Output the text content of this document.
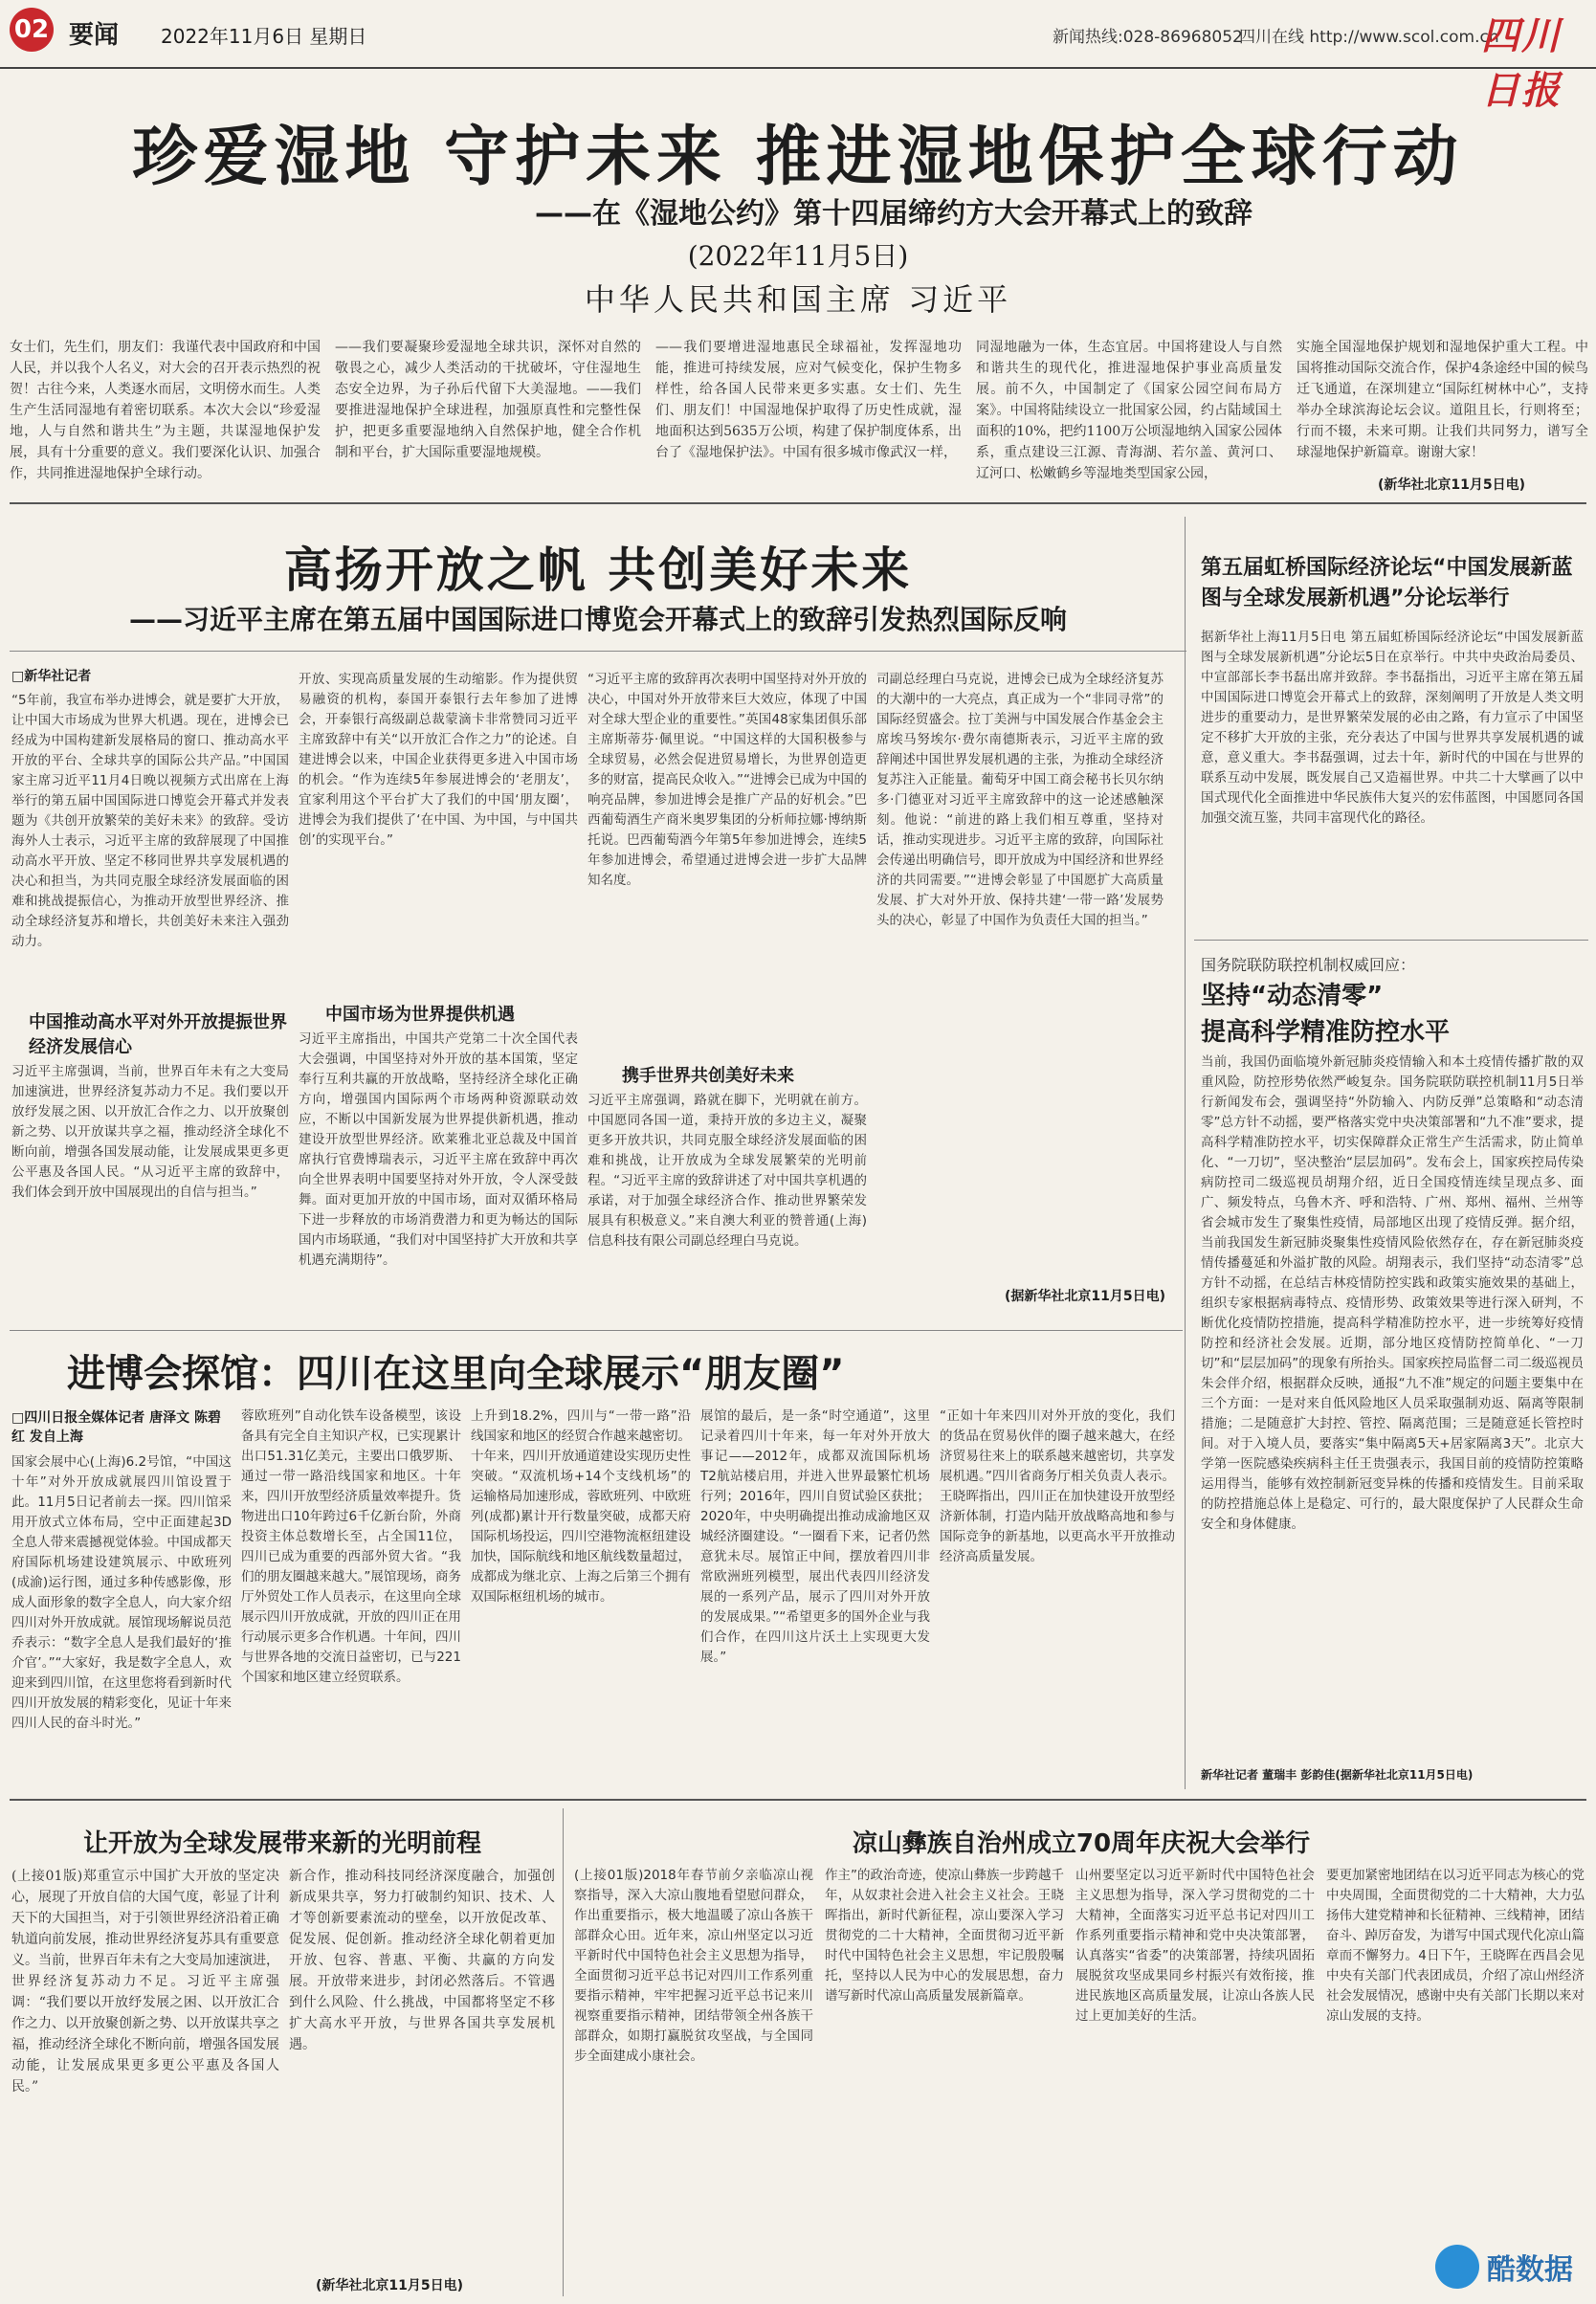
02 要闻 2022年11月6日 星期日	新闻热线:028-86968052
四川在线 http://www.scol.com.cn
四川日报
珍爱湿地 守护未来 推进湿地保护全球行动
——在《湿地公约》第十四届缔约方大会开幕式上的致辞
(2022年11月5日)
中华人民共和国主席 习近平
女士们，先生们，朋友们：我谨代表中国政府和中国人民，并以我个人名义，对大会的召开表示热烈的祝贺！古往今来，人类逐水而居，文明傍水而生。人类生产生活同湿地有着密切联系。本次大会以“珍爱湿地，人与自然和谐共生”为主题，共谋湿地保护发展，具有十分重要的意义。我们要深化认识、加强合作，共同推进湿地保护全球行动。
——我们要凝聚珍爱湿地全球共识，深怀对自然的敬畏之心，减少人类活动的干扰破坏，守住湿地生态安全边界，为子孙后代留下大美湿地。——我们要推进湿地保护全球进程，加强原真性和完整性保护，把更多重要湿地纳入自然保护地，健全合作机制和平台，扩大国际重要湿地规模。
——我们要增进湿地惠民全球福祉，发挥湿地功能，推进可持续发展，应对气候变化，保护生物多样性，给各国人民带来更多实惠。女士们、先生们、朋友们！中国湿地保护取得了历史性成就，湿地面积达到5635万公顷，构建了保护制度体系，出台了《湿地保护法》。中国有很多城市像武汉一样，
同湿地融为一体，生态宜居。中国将建设人与自然和谐共生的现代化，推进湿地保护事业高质量发展。前不久，中国制定了《国家公园空间布局方案》。中国将陆续设立一批国家公园，约占陆域国土面积的10%，把约1100万公顷湿地纳入国家公园体系，重点建设三江源、青海湖、若尔盖、黄河口、辽河口、松嫩鹤乡等湿地类型国家公园，
实施全国湿地保护规划和湿地保护重大工程。中国将推动国际交流合作，保护4条途经中国的候鸟迁飞通道，在深圳建立“国际红树林中心”，支持举办全球滨海论坛会议。道阻且长，行则将至；行而不辍，未来可期。让我们共同努力，谱写全球湿地保护新篇章。谢谢大家！
(新华社北京11月5日电)
高扬开放之帆 共创美好未来
——习近平主席在第五届中国国际进口博览会开幕式上的致辞引发热烈国际反响
□新华社记者
“5年前，我宣布举办进博会，就是要扩大开放，让中国大市场成为世界大机遇。现在，进博会已经成为中国构建新发展格局的窗口、推动高水平开放的平台、全球共享的国际公共产品。”中国国家主席习近平11月4日晚以视频方式出席在上海举行的第五届中国国际进口博览会开幕式并发表题为《共创开放繁荣的美好未来》的致辞。受访海外人士表示，习近平主席的致辞展现了中国推动高水平开放、坚定不移同世界共享发展机遇的决心和担当，为共同克服全球经济发展面临的困难和挑战提振信心，为推动开放型世界经济、推动全球经济复苏和增长，共创美好未来注入强劲动力。
中国推动高水平对外开放提振世界经济发展信心
习近平主席强调，当前，世界百年未有之大变局加速演进，世界经济复苏动力不足。我们要以开放纾发展之困、以开放汇合作之力、以开放聚创新之势、以开放谋共享之福，推动经济全球化不断向前，增强各国发展动能，让发展成果更多更公平惠及各国人民。“从习近平主席的致辞中，我们体会到开放中国展现出的自信与担当。”
开放、实现高质量发展的生动缩影。作为提供贸易融资的机构，泰国开泰银行去年参加了进博会，开泰银行高级副总裁蒙滴卡非常赞同习近平主席致辞中有关“以开放汇合作之力”的论述。自建进博会以来，中国企业获得更多进入中国市场的机会。“作为连续5年参展进博会的‘老朋友’，宜家利用这个平台扩大了我们的中国‘朋友圈’，进博会为我们提供了‘在中国、为中国，与中国共创’的实现平台。”
中国市场为世界提供机遇
习近平主席指出，中国共产党第二十次全国代表大会强调，中国坚持对外开放的基本国策，坚定奉行互利共赢的开放战略，坚持经济全球化正确方向，增强国内国际两个市场两种资源联动效应，不断以中国新发展为世界提供新机遇，推动建设开放型世界经济。欧莱雅北亚总裁及中国首席执行官费博瑞表示，习近平主席在致辞中再次向全世界表明中国要坚持对外开放，令人深受鼓舞。面对更加开放的中国市场，面对双循环格局下进一步释放的市场消费潜力和更为畅达的国际国内市场联通，“我们对中国坚持扩大开放和共享机遇充满期待”。
“习近平主席的致辞再次表明中国坚持对外开放的决心，中国对外开放带来巨大效应，体现了中国对全球大型企业的重要性。”英国48家集团俱乐部主席斯蒂芬·佩里说。“中国这样的大国积极参与全球贸易，必然会促进贸易增长，为世界创造更多的财富，提高民众收入。”“进博会已成为中国的响亮品牌，参加进博会是推广产品的好机会。”巴西葡萄酒生产商米奥罗集团的分析师拉娜·博纳斯托说。巴西葡萄酒今年第5年参加进博会，连续5年参加进博会，希望通过进博会进一步扩大品牌知名度。
携手世界共创美好未来
习近平主席强调，路就在脚下，光明就在前方。中国愿同各国一道，秉持开放的多边主义，凝聚更多开放共识，共同克服全球经济发展面临的困难和挑战，让开放成为全球发展繁荣的光明前程。“习近平主席的致辞讲述了对中国共享机遇的承诺，对于加强全球经济合作、推动世界繁荣发展具有积极意义。”来自澳大利亚的赞普通(上海)信息科技有限公司副总经理白马克说。
司副总经理白马克说，进博会已成为全球经济复苏的大潮中的一大亮点，真正成为一个“非同寻常”的国际经贸盛会。拉丁美洲与中国发展合作基金会主席埃马努埃尔·费尔南德斯表示，习近平主席的致辞阐述中国世界发展机遇的主张，为推动全球经济复苏注入正能量。葡萄牙中国工商会秘书长贝尔纳多·门德亚对习近平主席致辞中的这一论述感触深刻。他说：“前进的路上我们相互尊重，坚持对话，推动实现进步。习近平主席的致辞，向国际社会传递出明确信号，即开放成为中国经济和世界经济的共同需要。”“进博会彰显了中国愿扩大高质量发展、扩大对外开放、保持共建‘一带一路’发展势头的决心，彰显了中国作为负责任大国的担当。”
(据新华社北京11月5日电)
第五届虹桥国际经济论坛“中国发展新蓝图与全球发展新机遇”分论坛举行
据新华社上海11月5日电 第五届虹桥国际经济论坛“中国发展新蓝图与全球发展新机遇”分论坛5日在京举行。中共中央政治局委员、中宣部部长李书磊出席并致辞。李书磊指出，习近平主席在第五届中国国际进口博览会开幕式上的致辞，深刻阐明了开放是人类文明进步的重要动力，是世界繁荣发展的必由之路，有力宣示了中国坚定不移扩大开放的主张，充分表达了中国与世界共享发展机遇的诚意，意义重大。李书磊强调，过去十年，新时代的中国在与世界的联系互动中发展，既发展自己又造福世界。中共二十大擘画了以中国式现代化全面推进中华民族伟大复兴的宏伟蓝图，中国愿同各国加强交流互鉴，共同丰富现代化的路径。
国务院联防联控机制权威回应：
坚持“动态清零”
提高科学精准防控水平
当前，我国仍面临境外新冠肺炎疫情输入和本土疫情传播扩散的双重风险，防控形势依然严峻复杂。国务院联防联控机制11月5日举行新闻发布会，强调坚持“外防输入、内防反弹”总策略和“动态清零”总方针不动摇，要严格落实党中央决策部署和“九不准”要求，提高科学精准防控水平，切实保障群众正常生产生活需求，防止简单化、“一刀切”，坚决整治“层层加码”。发布会上，国家疾控局传染病防控司二级巡视员胡翔介绍，近日全国疫情连续呈现点多、面广、频发特点，乌鲁木齐、呼和浩特、广州、郑州、福州、兰州等省会城市发生了聚集性疫情，局部地区出现了疫情反弹。据介绍，当前我国发生新冠肺炎聚集性疫情风险依然存在，存在新冠肺炎疫情传播蔓延和外溢扩散的风险。胡翔表示，我们坚持“动态清零”总方针不动摇，在总结吉林疫情防控实践和政策实施效果的基础上，组织专家根据病毒特点、疫情形势、政策效果等进行深入研判，不断优化疫情防控措施，提高科学精准防控水平，进一步统筹好疫情防控和经济社会发展。近期，部分地区疫情防控简单化、“一刀切”和“层层加码”的现象有所抬头。国家疾控局监督二司二级巡视员朱会伴介绍，根据群众反映，通报“九不准”规定的问题主要集中在三个方面：一是对来自低风险地区人员采取强制劝返、隔离等限制措施；二是随意扩大封控、管控、隔离范围；三是随意延长管控时间。对于入境人员，要落实“集中隔离5天+居家隔离3天”。北京大学第一医院感染疾病科主任王贵强表示，我国目前的疫情防控策略运用得当，能够有效控制新冠变异株的传播和疫情发生。目前采取的防控措施总体上是稳定、可行的，最大限度保护了人民群众生命安全和身体健康。
新华社记者 董瑞丰 彭韵佳(据新华社北京11月5日电)
进博会探馆：四川在这里向全球展示“朋友圈”
□四川日报全媒体记者 唐泽文 陈碧红 发自上海
国家会展中心(上海)6.2号馆，“中国这十年”对外开放成就展四川馆设置于此。11月5日记者前去一探。四川馆采用开放式立体布局，空中正面建起3D全息人带来震撼视觉体验。中国成都天府国际机场建设建筑展示、中欧班列(成渝)运行图，通过多种传感影像，形成人面形象的数字全息人，向大家介绍四川对外开放成就。展馆现场解说员范乔表示：“数字全息人是我们最好的‘推介官’。”“大家好，我是数字全息人，欢迎来到四川馆，在这里您将看到新时代四川开放发展的精彩变化，见证十年来四川人民的奋斗时光。”
蓉欧班列”自动化铁车设备模型，该设备具有完全自主知识产权，已实现累计出口51.31亿美元，主要出口俄罗斯、通过一带一路沿线国家和地区。十年来，四川开放型经济质量效率提升。货物进出口10年跨过6千亿新台阶，外商投资主体总数增长至，占全国11位，四川已成为重要的西部外贸大省。“我们的朋友圈越来越大。”展馆现场，商务厅外贸处工作人员表示，在这里向全球展示四川开放成就，开放的四川正在用行动展示更多合作机遇。十年间，四川与世界各地的交流日益密切，已与221个国家和地区建立经贸联系。
上升到18.2%，四川与“一带一路”沿线国家和地区的经贸合作越来越密切。十年来，四川开放通道建设实现历史性突破。“双流机场+14个支线机场”的运输格局加速形成，蓉欧班列、中欧班列(成都)累计开行数量突破，成都天府国际机场投运，四川空港物流枢纽建设加快，国际航线和地区航线数量超过，成都成为继北京、上海之后第三个拥有双国际枢纽机场的城市。
展馆的最后，是一条“时空通道”，这里记录着四川十年来，每一年对外开放大事记——2012年，成都双流国际机场T2航站楼启用，并进入世界最繁忙机场行列；2016年，四川自贸试验区获批；2020年，中央明确提出推动成渝地区双城经济圈建设。“一圈看下来，记者仍然意犹未尽。展馆正中间，摆放着四川非常欧洲班列模型，展出代表四川经济发展的一系列产品，展示了四川对外开放的发展成果。”“希望更多的国外企业与我们合作，在四川这片沃土上实现更大发展。”
“正如十年来四川对外开放的变化，我们的货品在贸易伙伴的圈子越来越大，在经济贸易往来上的联系越来越密切，共享发展机遇。”四川省商务厅相关负责人表示。王晓晖指出，四川正在加快建设开放型经济新体制，打造内陆开放战略高地和参与国际竞争的新基地，以更高水平开放推动经济高质量发展。
让开放为全球发展带来新的光明前程
(上接01版)郑重宣示中国扩大开放的坚定决心，展现了开放自信的大国气度，彰显了计利天下的大国担当，对于引领世界经济沿着正确轨道向前发展，推动世界经济复苏具有重要意义。当前，世界百年未有之大变局加速演进，世界经济复苏动力不足。习近平主席强调：“我们要以开放纾发展之困、以开放汇合作之力、以开放聚创新之势、以开放谋共享之福，推动经济全球化不断向前，增强各国发展动能，让发展成果更多更公平惠及各国人民。”
新合作，推动科技同经济深度融合，加强创新成果共享，努力打破制约知识、技术、人才等创新要素流动的壁垒，以开放促改革、促发展、促创新。推动经济全球化朝着更加开放、包容、普惠、平衡、共赢的方向发展。开放带来进步，封闭必然落后。不管遇到什么风险、什么挑战，中国都将坚定不移扩大高水平开放，与世界各国共享发展机遇。
(新华社北京11月5日电)
凉山彝族自治州成立70周年庆祝大会举行
(上接01版)2018年春节前夕亲临凉山视察指导，深入大凉山腹地看望慰问群众，作出重要指示，极大地温暖了凉山各族干部群众心田。近年来，凉山州坚定以习近平新时代中国特色社会主义思想为指导，全面贯彻习近平总书记对四川工作系列重要指示精神，牢牢把握习近平总书记来川视察重要指示精神，团结带领全州各族干部群众，如期打赢脱贫攻坚战，与全国同步全面建成小康社会。
作主”的政治奇迹，使凉山彝族一步跨越千年，从奴隶社会进入社会主义社会。王晓晖指出，新时代新征程，凉山要深入学习贯彻党的二十大精神，全面贯彻习近平新时代中国特色社会主义思想，牢记殷殷嘱托，坚持以人民为中心的发展思想，奋力谱写新时代凉山高质量发展新篇章。
山州要坚定以习近平新时代中国特色社会主义思想为指导，深入学习贯彻党的二十大精神，全面落实习近平总书记对四川工作系列重要指示精神和党中央决策部署，认真落实“省委”的决策部署，持续巩固拓展脱贫攻坚成果同乡村振兴有效衔接，推进民族地区高质量发展，让凉山各族人民过上更加美好的生活。
要更加紧密地团结在以习近平同志为核心的党中央周围，全面贯彻党的二十大精神，大力弘扬伟大建党精神和长征精神、三线精神，团结奋斗、踔厉奋发，为谱写中国式现代化凉山篇章而不懈努力。4日下午，王晓晖在西昌会见中央有关部门代表团成员，介绍了凉山州经济社会发展情况，感谢中央有关部门长期以来对凉山发展的支持。
酷数据
